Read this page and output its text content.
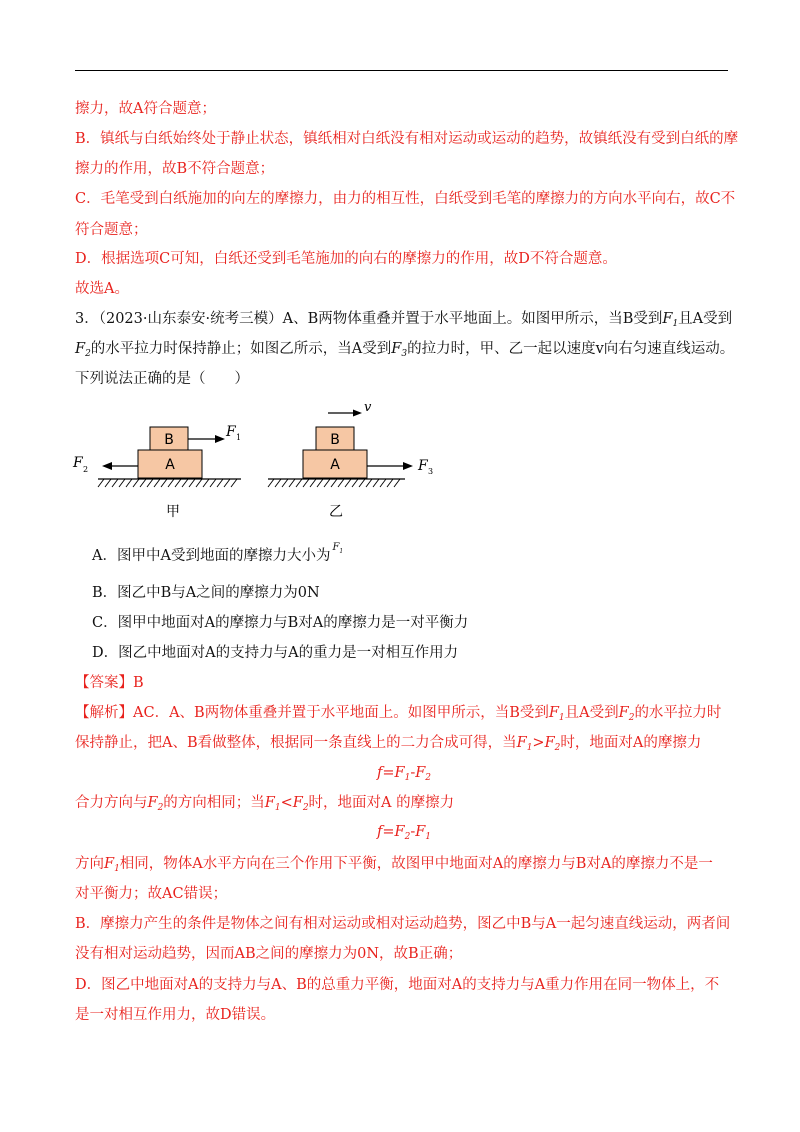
擦力，故A符合题意；
B．镇纸与白纸始终处于静止状态，镇纸相对白纸没有相对运动或运动的趋势，故镇纸没有受到白纸的摩
擦力的作用，故B不符合题意；
C．毛笔受到白纸施加的向左的摩擦力，由力的相互性，白纸受到毛笔的摩擦力的方向水平向右，故C不
符合题意；
D．根据选项C可知，白纸还受到毛笔施加的向右的摩擦力的作用，故D不符合题意。
故选A。
3．（2023·山东泰安·统考三模）A、B两物体重叠并置于水平地面上。如图甲所示，当B受到$F_1$且A受到
$F_2$的水平拉力时保持静止；如图乙所示，当A受到$F_3$的拉力时，甲、乙一起以速度v向右匀速直线运动。
下列说法正确的是（　　）
B
A
F 1
F 2
甲
B
A
v
F 3
乙
A．图甲中A受到地面的摩擦力大小为$F_1$
B．图乙中B与A之间的摩擦力为0N
C．图甲中地面对A的摩擦力与B对A的摩擦力是一对平衡力
D．图乙中地面对A的支持力与A的重力是一对相互作用力
【答案】B
【解析】AC．A、B两物体重叠并置于水平地面上。如图甲所示，当B受到$F_1$且A受到$F_2$的水平拉力时
保持静止，把A、B看做整体，根据同一条直线上的二力合成可得，当$F_1>F_2$时，地面对A的摩擦力
$f=F_1-F_2$
合力方向与$F_2$的方向相同；当$F_1<F_2$时，地面对A 的摩擦力
$f=F_2-F_1$
方向$F_1$相同，物体A水平方向在三个作用下平衡，故图甲中地面对A的摩擦力与B对A的摩擦力不是一
对平衡力；故AC错误；
B．摩擦力产生的条件是物体之间有相对运动或相对运动趋势，图乙中B与A一起匀速直线运动，两者间
没有相对运动趋势，因而AB之间的摩擦力为0N，故B正确；
D．图乙中地面对A的支持力与A、B的总重力平衡，地面对A的支持力与A重力作用在同一物体上，不
是一对相互作用力，故D错误。
